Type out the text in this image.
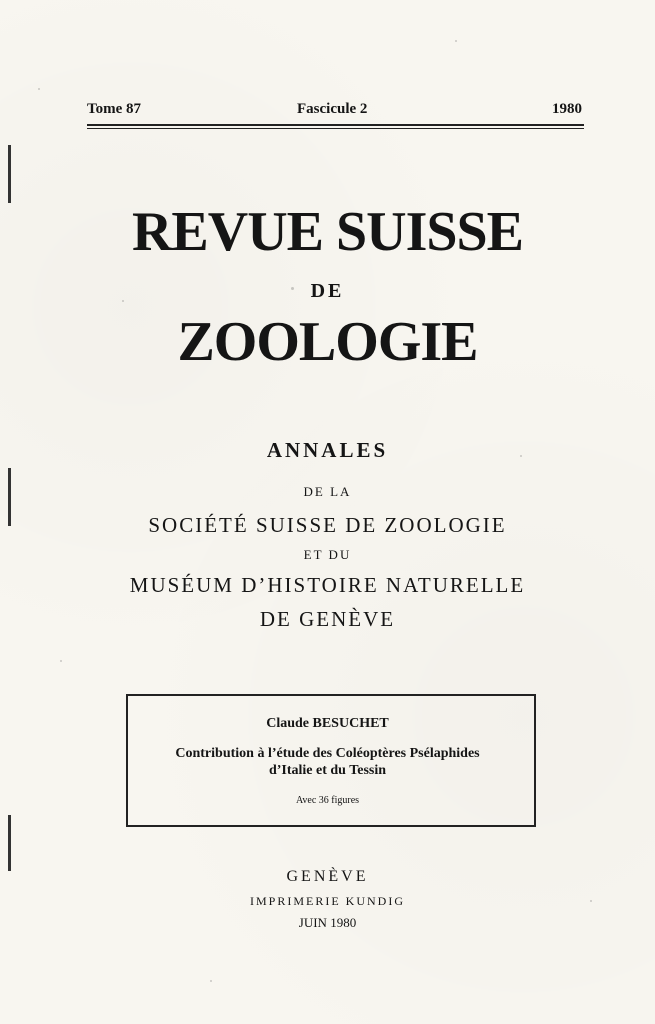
Tome 87	Fascicule 2	1980
REVUE SUISSE
DE
ZOOLOGIE
ANNALES
DE LA
SOCIÉTÉ SUISSE DE ZOOLOGIE
ET DU
MUSÉUM D’HISTOIRE NATURELLE
DE GENÈVE
Claude BESUCHET
Contribution à l’étude des Coléoptères Psélaphides
d’Italie et du Tessin
Avec 36 figures
GENÈVE
IMPRIMERIE KUNDIG
JUIN 1980
